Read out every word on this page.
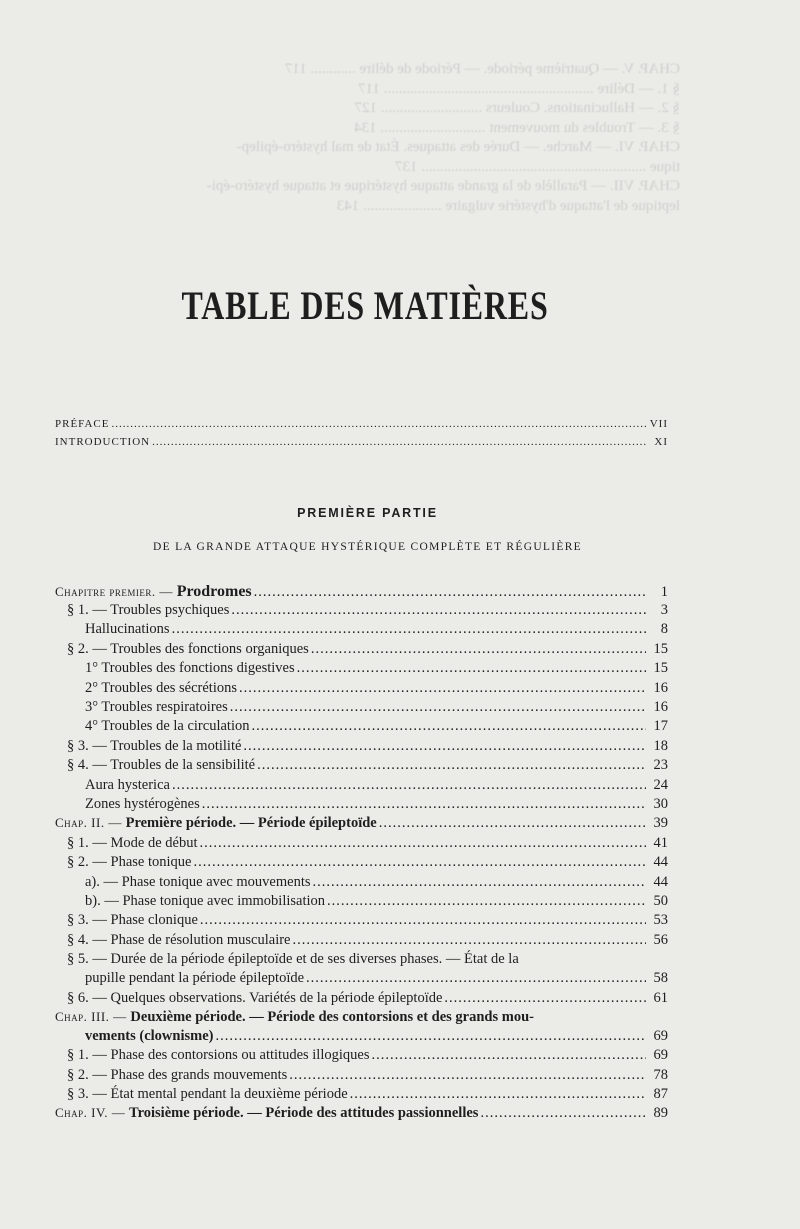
CHAP. V. — Quatrième période. — Période de délire ............ 117
§ 1. — Délire ........................................................ 117
§ 2. — Hallucinations. Couleurs ........................... 127
§ 3. — Troubles du mouvement ............................ 134
CHAP. VI. — Marche. — Durée des attaques. État de mal hystéro-épilep-
tique ............................................................ 137
CHAP. VII. — Parallèle de la grande attaque hystérique et attaque hystéro-épi-
leptique de l'attaque d'hystérie vulgaire ..................... 143
TABLE DES MATIÈRES
PRÉFACE .....	VII
INTRODUCTION .....	XI
PREMIÈRE PARTIE
DE LA GRANDE ATTAQUE HYSTÉRIQUE COMPLÈTE ET RÉGULIÈRE
Chapitre premier. — Prodromes .....	1
§ 1. — Troubles psychiques .....	3
Hallucinations .....	8
§ 2. — Troubles des fonctions organiques .....	15
1° Troubles des fonctions digestives .....	15
2° Troubles des sécrétions .....	16
3° Troubles respiratoires .....	16
4° Troubles de la circulation .....	17
§ 3. — Troubles de la motilité .....	18
§ 4. — Troubles de la sensibilité .....	23
Aura hysterica .....	24
Zones hystérogènes .....	30
Chap. II. — Première période. — Période épileptoïde .....	39
§ 1. — Mode de début .....	41
§ 2. — Phase tonique .....	44
a). — Phase tonique avec mouvements .....	44
b). — Phase tonique avec immobilisation .....	50
§ 3. — Phase clonique .....	53
§ 4. — Phase de résolution musculaire .....	56
§ 5. — Durée de la période épileptoïde et de ses diverses phases. — État de la
pupille pendant la période épileptoïde .....	58
§ 6. — Quelques observations. Variétés de la période épileptoïde .....	61
Chap. III. — Deuxième période. — Période des contorsions et des grands mou-
vements (clownisme) .....	69
§ 1. — Phase des contorsions ou attitudes illogiques .....	69
§ 2. — Phase des grands mouvements .....	78
§ 3. — État mental pendant la deuxième période .....	87
Chap. IV. — Troisième période. — Période des attitudes passionnelles .....	89
